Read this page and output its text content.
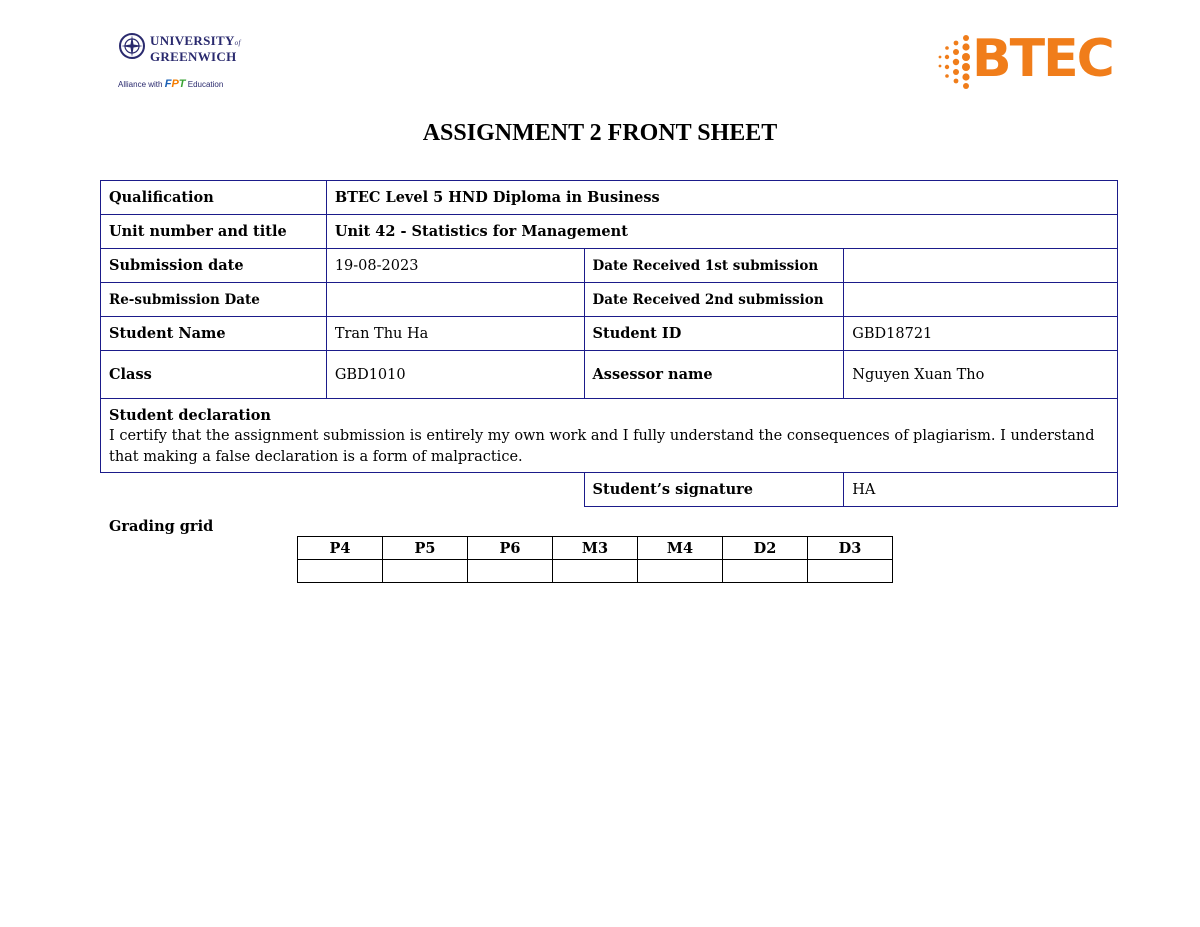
UNIVERSITYof
GREENWICH
Alliance with FPT Education	BTEC
ASSIGNMENT 2 FRONT SHEET
Qualification	BTEC Level 5 HND Diploma in Business		
Unit number and title	Unit 42 - Statistics for Management		
Submission date	19-08-2023	Date Received 1st submission	
Re-submission Date		Date Received 2nd submission	
Student Name	Tran Thu Ha	Student ID	GBD18721
Class	GBD1010	Assessor name	Nguyen Xuan Tho

Student declaration
I certify that the assignment submission is entirely my own work and I fully understand the consequences of plagiarism. I understand that making a false declaration is a form of malpractice.			

		Student’s signature	HA
Grading grid
P4	P5	P6	M3	M4	D2	D3
